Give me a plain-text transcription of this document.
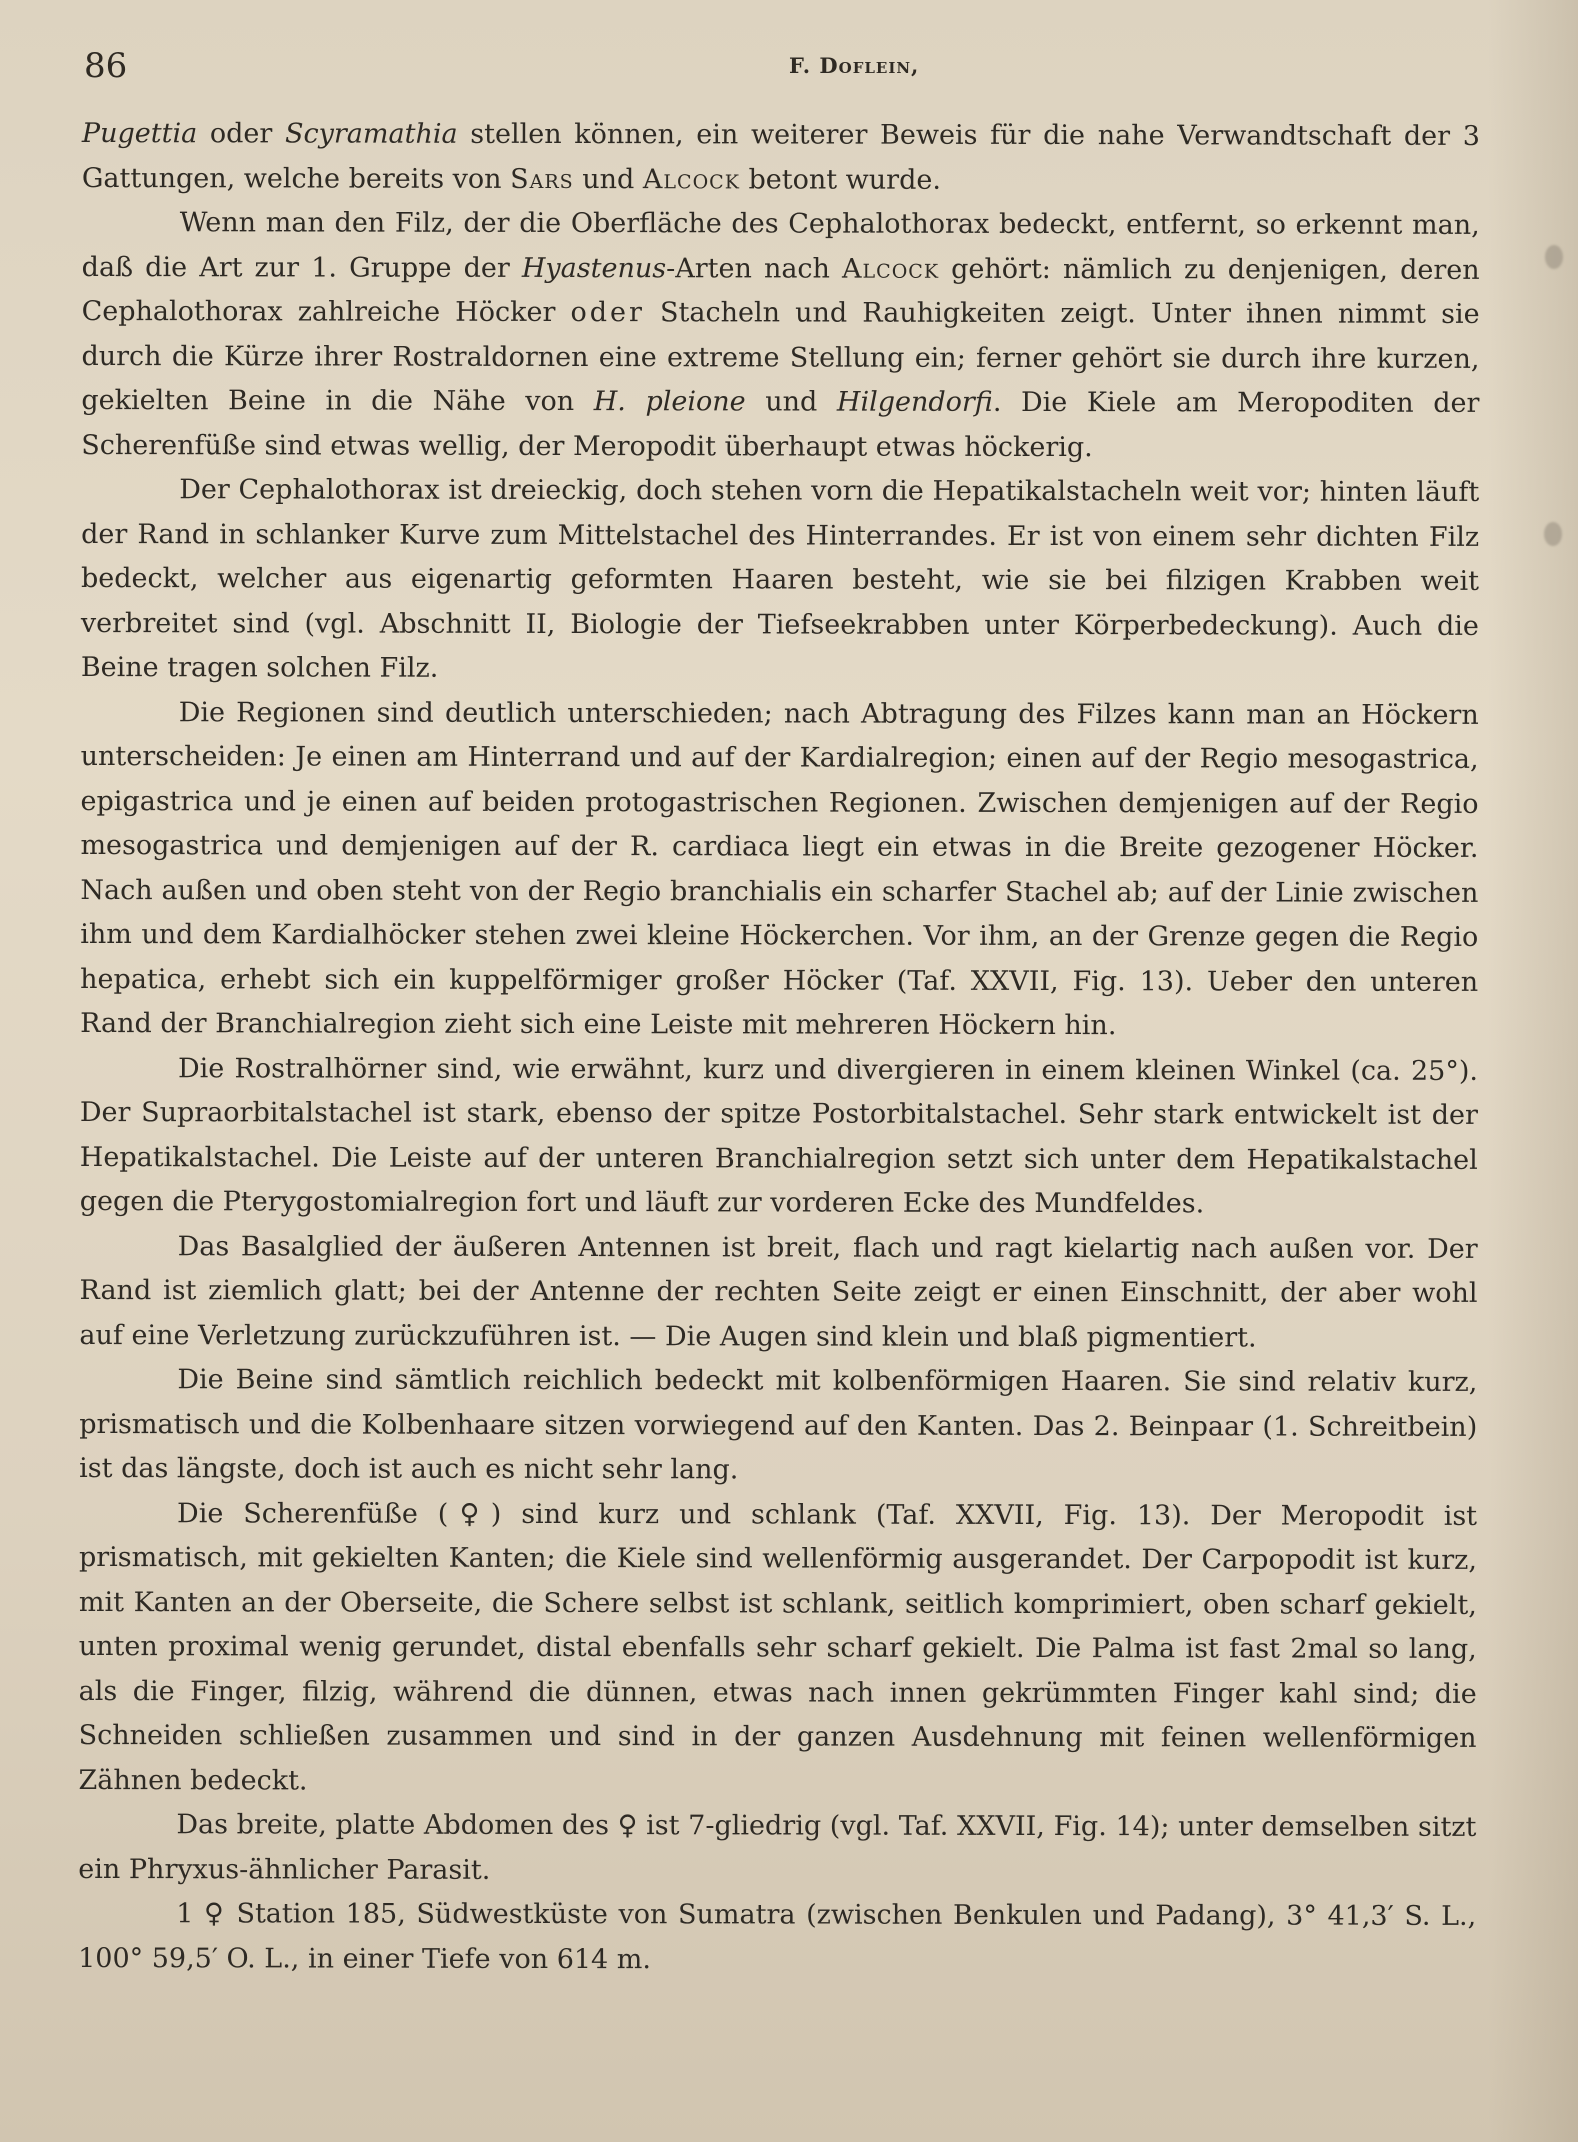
86	F. Doflein,

Pugettia oder Scyramathia stellen können, ein weiterer Beweis für die nahe Verwandtschaft der 3 Gattungen, welche bereits von Sars und Alcock betont wurde.

Wenn man den Filz, der die Oberfläche des Cephalothorax bedeckt, entfernt, so erkennt man, daß die Art zur 1. Gruppe der Hyastenus-Arten nach Alcock gehört: nämlich zu denjenigen, deren Cephalothorax zahlreiche Höcker oder Stacheln und Rauhigkeiten zeigt. Unter ihnen nimmt sie durch die Kürze ihrer Rostraldornen eine extreme Stellung ein; ferner gehört sie durch ihre kurzen, gekielten Beine in die Nähe von H. pleione und Hilgendorfi. Die Kiele am Meropoditen der Scherenfüße sind etwas wellig, der Meropodit überhaupt etwas höckerig.

Der Cephalothorax ist dreieckig, doch stehen vorn die Hepatikalstacheln weit vor; hinten läuft der Rand in schlanker Kurve zum Mittelstachel des Hinterrandes. Er ist von einem sehr dichten Filz bedeckt, welcher aus eigenartig geformten Haaren besteht, wie sie bei filzigen Krabben weit verbreitet sind (vgl. Abschnitt II, Biologie der Tiefseekrabben unter Körperbedeckung). Auch die Beine tragen solchen Filz.

Die Regionen sind deutlich unterschieden; nach Abtragung des Filzes kann man an Höckern unterscheiden: Je einen am Hinterrand und auf der Kardialregion; einen auf der Regio mesogastrica, epigastrica und je einen auf beiden protogastrischen Regionen. Zwischen demjenigen auf der Regio mesogastrica und demjenigen auf der R. cardiaca liegt ein etwas in die Breite gezogener Höcker. Nach außen und oben steht von der Regio branchialis ein scharfer Stachel ab; auf der Linie zwischen ihm und dem Kardialhöcker stehen zwei kleine Höckerchen. Vor ihm, an der Grenze gegen die Regio hepatica, erhebt sich ein kuppelförmiger großer Höcker (Taf. XXVII, Fig. 13). Ueber den unteren Rand der Branchialregion zieht sich eine Leiste mit mehreren Höckern hin.

Die Rostralhörner sind, wie erwähnt, kurz und divergieren in einem kleinen Winkel (ca. 25°). Der Supraorbitalstachel ist stark, ebenso der spitze Postorbitalstachel. Sehr stark entwickelt ist der Hepatikalstachel. Die Leiste auf der unteren Branchialregion setzt sich unter dem Hepatikalstachel gegen die Pterygostomialregion fort und läuft zur vorderen Ecke des Mundfeldes.

Das Basalglied der äußeren Antennen ist breit, flach und ragt kielartig nach außen vor. Der Rand ist ziemlich glatt; bei der Antenne der rechten Seite zeigt er einen Einschnitt, der aber wohl auf eine Verletzung zurückzuführen ist. — Die Augen sind klein und blaß pigmentiert.

Die Beine sind sämtlich reichlich bedeckt mit kolbenförmigen Haaren. Sie sind relativ kurz, prismatisch und die Kolbenhaare sitzen vorwiegend auf den Kanten. Das 2. Beinpaar (1. Schreitbein) ist das längste, doch ist auch es nicht sehr lang.

Die Scherenfüße (♀) sind kurz und schlank (Taf. XXVII, Fig. 13). Der Meropodit ist prismatisch, mit gekielten Kanten; die Kiele sind wellenförmig ausgerandet. Der Carpopodit ist kurz, mit Kanten an der Oberseite, die Schere selbst ist schlank, seitlich komprimiert, oben scharf gekielt, unten proximal wenig gerundet, distal ebenfalls sehr scharf gekielt. Die Palma ist fast 2mal so lang, als die Finger, filzig, während die dünnen, etwas nach innen gekrümmten Finger kahl sind; die Schneiden schließen zusammen und sind in der ganzen Ausdehnung mit feinen wellenförmigen Zähnen bedeckt.

Das breite, platte Abdomen des ♀ ist 7-gliedrig (vgl. Taf. XXVII, Fig. 14); unter demselben sitzt ein Phryxus-ähnlicher Parasit.

1 ♀ Station 185, Südwestküste von Sumatra (zwischen Benkulen und Padang), 3° 41,3′ S. L., 100° 59,5′ O. L., in einer Tiefe von 614 m.
